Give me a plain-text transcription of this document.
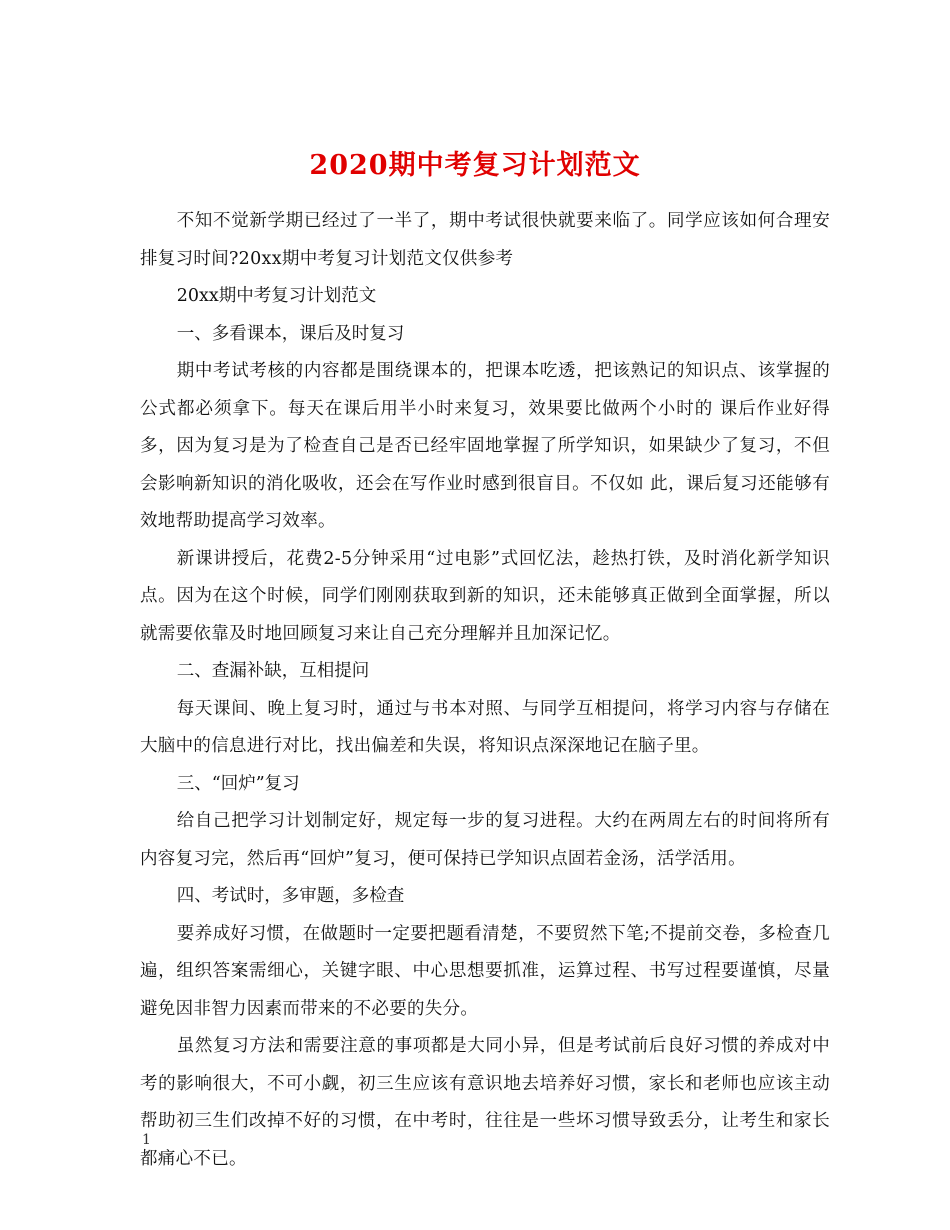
2020期中考复习计划范文

不知不觉新学期已经过了一半了，期中考试很快就要来临了。同学应该如何合理安排复习时间?20xx期中考复习计划范文仅供参考

20xx期中考复习计划范文

一、多看课本，课后及时复习

期中考试考核的内容都是围绕课本的，把课本吃透，把该熟记的知识点、该掌握的公式都必须拿下。每天在课后用半小时来复习，效果要比做两个小时的 课后作业好得多，因为复习是为了检查自己是否已经牢固地掌握了所学知识，如果缺少了复习，不但会影响新知识的消化吸收，还会在写作业时感到很盲目。不仅如 此，课后复习还能够有效地帮助提高学习效率。

新课讲授后，花费2-5分钟采用“过电影”式回忆法，趁热打铁，及时消化新学知识点。因为在这个时候，同学们刚刚获取到新的知识，还未能够真正做到全面掌握，所以就需要依靠及时地回顾复习来让自己充分理解并且加深记忆。

二、查漏补缺，互相提问

每天课间、晚上复习时，通过与书本对照、与同学互相提问，将学习内容与存储在大脑中的信息进行对比，找出偏差和失误，将知识点深深地记在脑子里。

三、“回炉”复习

给自己把学习计划制定好，规定每一步的复习进程。大约在两周左右的时间将所有内容复习完，然后再“回炉”复习，便可保持已学知识点固若金汤，活学活用。

四、考试时，多审题，多检查

要养成好习惯，在做题时一定要把题看清楚，不要贸然下笔;不提前交卷，多检查几遍，组织答案需细心，关键字眼、中心思想要抓准，运算过程、书写过程要谨慎，尽量避免因非智力因素而带来的不必要的失分。

虽然复习方法和需要注意的事项都是大同小异，但是考试前后良好习惯的养成对中考的影响很大，不可小觑，初三生应该有意识地去培养好习惯，家长和老师也应该主动帮助初三生们改掉不好的习惯，在中考时，往往是一些坏习惯导致丢分，让考生和家长都痛心不已。

1
